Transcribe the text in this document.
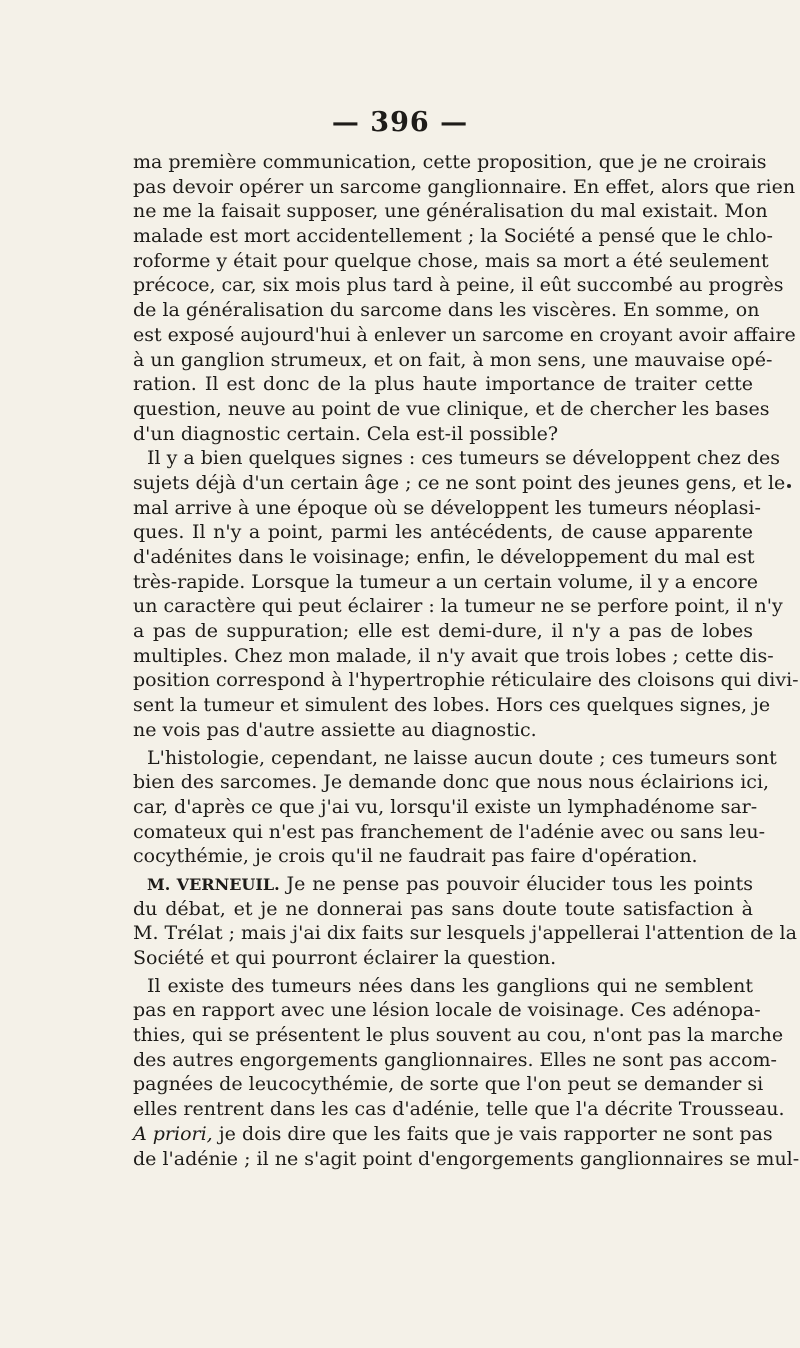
— 396 —
ma première communication, cette proposition, que je ne croirais
pas devoir opérer un sarcome ganglionnaire. En effet, alors que rien
ne me la faisait supposer, une généralisation du mal existait. Mon
malade est mort accidentellement ; la Société a pensé que le chlo-
roforme y était pour quelque chose, mais sa mort a été seulement
précoce, car, six mois plus tard à peine, il eût succombé au progrès
de la généralisation du sarcome dans les viscères. En somme, on
est exposé aujourd'hui à enlever un sarcome en croyant avoir affaire
à un ganglion strumeux, et on fait, à mon sens, une mauvaise opé-
ration. Il est donc de la plus haute importance de traiter cette
question, neuve au point de vue clinique, et de chercher les bases
d'un diagnostic certain. Cela est-il possible?
Il y a bien quelques signes : ces tumeurs se développent chez des
sujets déjà d'un certain âge ; ce ne sont point des jeunes gens, et le
mal arrive à une époque où se développent les tumeurs néoplasi-
ques. Il n'y a point, parmi les antécédents, de cause apparente
d'adénites dans le voisinage; enfin, le développement du mal est
très-rapide. Lorsque la tumeur a un certain volume, il y a encore
un caractère qui peut éclairer : la tumeur ne se perfore point, il n'y
a pas de suppuration; elle est demi-dure, il n'y a pas de lobes
multiples. Chez mon malade, il n'y avait que trois lobes ; cette dis-
position correspond à l'hypertrophie réticulaire des cloisons qui divi-
sent la tumeur et simulent des lobes. Hors ces quelques signes, je
ne vois pas d'autre assiette au diagnostic.
L'histologie, cependant, ne laisse aucun doute ; ces tumeurs sont
bien des sarcomes. Je demande donc que nous nous éclairions ici,
car, d'après ce que j'ai vu, lorsqu'il existe un lymphadénome sar-
comateux qui n'est pas franchement de l'adénie avec ou sans leu-
cocythémie, je crois qu'il ne faudrait pas faire d'opération.
M. VERNEUIL. Je ne pense pas pouvoir élucider tous les points
du débat, et je ne donnerai pas sans doute toute satisfaction à
M. Trélat ; mais j'ai dix faits sur lesquels j'appellerai l'attention de la
Société et qui pourront éclairer la question.
Il existe des tumeurs nées dans les ganglions qui ne semblent
pas en rapport avec une lésion locale de voisinage. Ces adénopa-
thies, qui se présentent le plus souvent au cou, n'ont pas la marche
des autres engorgements ganglionnaires. Elles ne sont pas accom-
pagnées de leucocythémie, de sorte que l'on peut se demander si
elles rentrent dans les cas d'adénie, telle que l'a décrite Trousseau.
A priori, je dois dire que les faits que je vais rapporter ne sont pas
de l'adénie ; il ne s'agit point d'engorgements ganglionnaires se mul-
